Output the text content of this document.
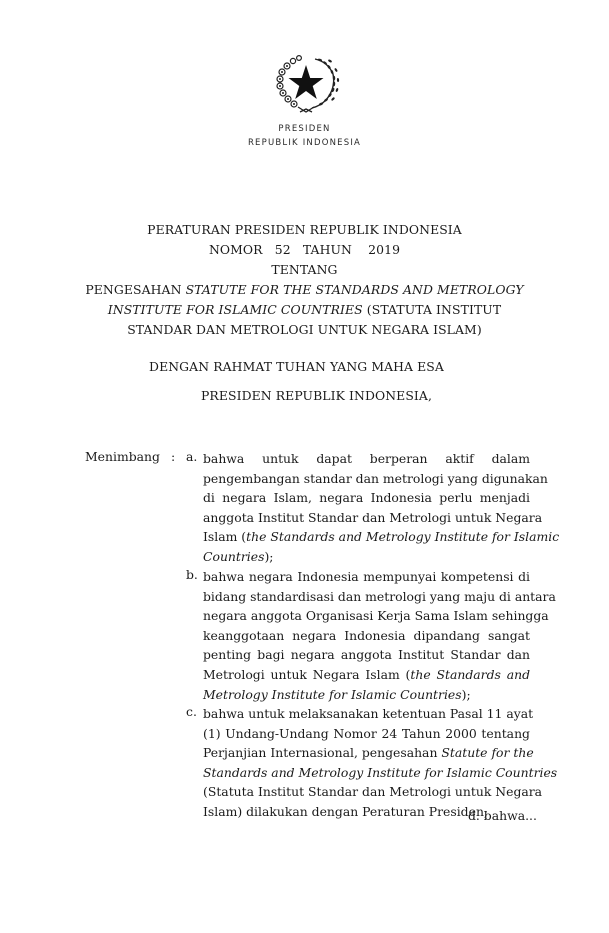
PRESIDEN
REPUBLIK INDONESIA
PERATURAN PRESIDEN REPUBLIK INDONESIA
NOMOR 52 TAHUN 2019
TENTANG
PENGESAHAN STATUTE FOR THE STANDARDS AND METROLOGY
INSTITUTE FOR ISLAMIC COUNTRIES (STATUTA INSTITUT
STANDAR DAN METROLOGI UNTUK NEGARA ISLAM)
DENGAN RAHMAT TUHAN YANG MAHA ESA
PRESIDEN REPUBLIK INDONESIA,
Menimbang : a. bahwa untuk dapat berperan aktif dalam
pengembangan standar dan metrologi yang digunakan
di negara Islam, negara Indonesia perlu menjadi
anggota Institut Standar dan Metrologi untuk Negara
Islam (the Standards and Metrology Institute for Islamic
Countries);
b. bahwa negara Indonesia mempunyai kompetensi di
bidang standardisasi dan metrologi yang maju di antara
negara anggota Organisasi Kerja Sama Islam sehingga
keanggotaan negara Indonesia dipandang sangat
penting bagi negara anggota Institut Standar dan
Metrologi untuk Negara Islam (the Standards and
Metrology Institute for Islamic Countries);
c. bahwa untuk melaksanakan ketentuan Pasal 11 ayat
(1) Undang-Undang Nomor 24 Tahun 2000 tentang
Perjanjian Internasional, pengesahan Statute for the
Standards and Metrology Institute for Islamic Countries
(Statuta Institut Standar dan Metrologi untuk Negara
Islam) dilakukan dengan Peraturan Presiden;
d. bahwa...
